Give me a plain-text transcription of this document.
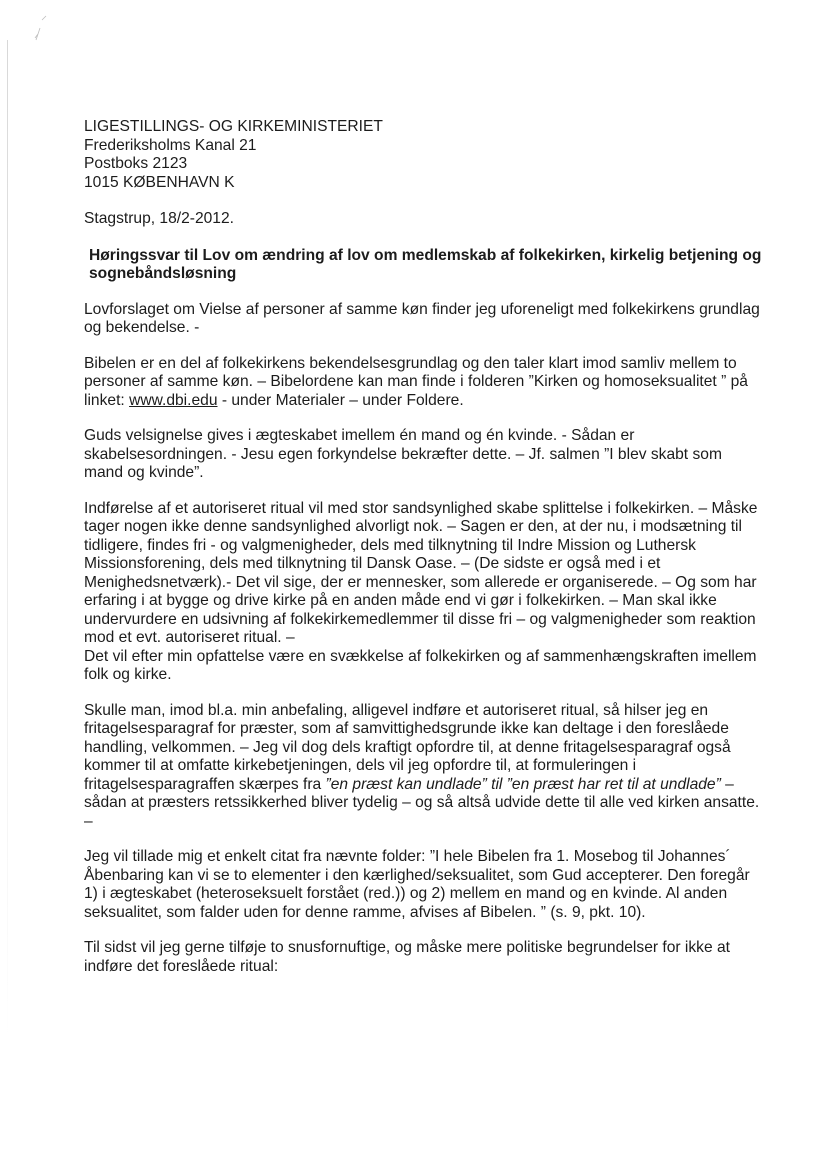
LIGESTILLINGS- OG KIRKEMINISTERIET
Frederiksholms Kanal 21
Postboks 2123
1015 KØBENHAVN K
Stagstrup, 18/2-2012.
Høringssvar til Lov om ændring af lov om medlemskab af folkekirken, kirkelig betjening og sognebåndsløsning
Lovforslaget om Vielse af personer af samme køn finder jeg uforeneligt med folkekirkens grundlag og bekendelse. -
Bibelen er en del af folkekirkens bekendelsesgrundlag og den taler klart imod samliv mellem to personer af samme køn. – Bibelordene kan man finde i folderen ”Kirken og homoseksualitet ” på linket: www.dbi.edu - under Materialer – under Foldere.
Guds velsignelse gives i ægteskabet imellem én mand og én kvinde. - Sådan er skabelsesordningen. - Jesu egen forkyndelse bekræfter dette. – Jf. salmen ”I blev skabt som mand og kvinde”.
Indførelse af et autoriseret ritual vil med stor sandsynlighed skabe splittelse i folkekirken. – Måske tager nogen ikke denne sandsynlighed alvorligt nok. – Sagen er den, at der nu, i modsætning til tidligere, findes fri - og valgmenigheder, dels med tilknytning til Indre Mission og Luthersk Missionsforening, dels med tilknytning til Dansk Oase. – (De sidste er også med i et Menighedsnetværk).- Det vil sige, der er mennesker, som allerede er organiserede. – Og som har erfaring i at bygge og drive kirke på en anden måde end vi gør i folkekirken. – Man skal ikke undervurdere en udsivning af folkekirkemedlemmer til disse fri – og valgmenigheder som reaktion mod et evt. autoriseret ritual. –
Det vil efter min opfattelse være en svækkelse af folkekirken og af sammenhængskraften imellem folk og kirke.
Skulle man, imod bl.a. min anbefaling, alligevel indføre et autoriseret ritual, så hilser jeg en fritagelsesparagraf for præster, som af samvittighedsgrunde ikke kan deltage i den foreslåede handling, velkommen. – Jeg vil dog dels kraftigt opfordre til, at denne fritagelsesparagraf også kommer til at omfatte kirkebetjeningen, dels vil jeg opfordre til, at formuleringen i fritagelsesparagraffen skærpes fra ”en præst kan undlade” til ”en præst har ret til at undlade” – sådan at præsters retssikkerhed bliver tydelig – og så altså udvide dette til alle ved kirken ansatte. –
Jeg vil tillade mig et enkelt citat fra nævnte folder: ”I hele Bibelen fra 1. Mosebog til Johannes´ Åbenbaring kan vi se to elementer i den kærlighed/seksualitet, som Gud accepterer. Den foregår 1) i ægteskabet (heteroseksuelt forstået (red.)) og 2) mellem en mand og en kvinde. Al anden seksualitet, som falder uden for denne ramme, afvises af Bibelen. ” (s. 9, pkt. 10).
Til sidst vil jeg gerne tilføje to snusfornuftige, og måske mere politiske begrundelser for ikke at indføre det foreslåede ritual:
